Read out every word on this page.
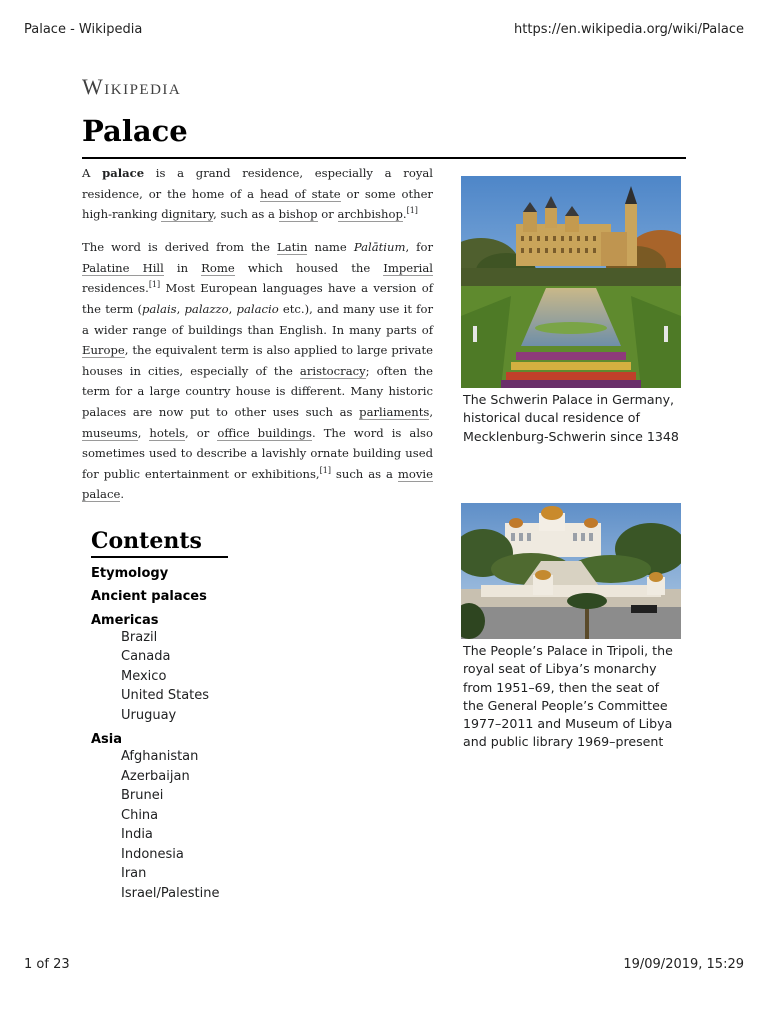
Palace - Wikipedia	https://en.wikipedia.org/wiki/Palace
Wikipedia
Palace

A palace is a grand residence, especially a royal residence, or the home of a head of state or some other high-ranking dignitary, such as a bishop or archbishop.[1]

The word is derived from the Latin name Palātium, for Palatine Hill in Rome which housed the Imperial residences.[1] Most European languages have a version of the term (palais, palazzo, palacio etc.), and many use it for a wider range of buildings than English. In many parts of Europe, the equivalent term is also applied to large private houses in cities, especially of the aristocracy; often the term for a large country house is different. Many historic palaces are now put to other uses such as parliaments, museums, hotels, or office buildings. The word is also sometimes used to describe a lavishly ornate building used for public entertainment or exhibitions,[1] such as a movie palace.

The Schwerin Palace in Germany, historical ducal residence of Mecklenburg-Schwerin since 1348
The People’s Palace in Tripoli, the royal seat of Libya’s monarchy from 1951–69, then the seat of the General People’s Committee 1977–2011 and Museum of Libya and public library 1969–present
Contents
Etymology
Ancient palaces
Americas
Brazil
Canada
Mexico
United States
Uruguay
Asia
Afghanistan
Azerbaijan
Brunei
China
India
Indonesia
Iran
Israel/Palestine
1 of 23	19/09/2019, 15:29
